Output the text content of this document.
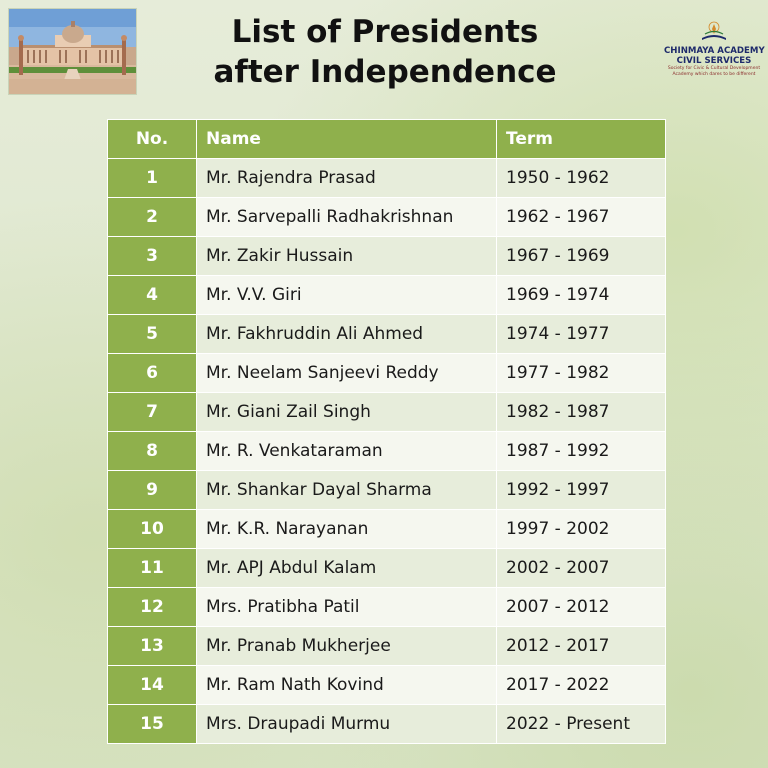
List of Presidents
after Independence
CHINMAYA ACADEMY
CIVIL SERVICES
Society for Civic & Cultural Development
Academy which dares to be different
No.	Name	Term
1	Mr. Rajendra Prasad	1950 - 1962
2	Mr. Sarvepalli Radhakrishnan	1962 - 1967
3	Mr. Zakir Hussain	1967 - 1969
4	Mr. V.V. Giri	1969 - 1974
5	Mr. Fakhruddin Ali Ahmed	1974 - 1977
6	Mr. Neelam Sanjeevi Reddy	1977 - 1982
7	Mr. Giani Zail Singh	1982 - 1987
8	Mr. R. Venkataraman	1987 - 1992
9	Mr. Shankar Dayal Sharma	1992 - 1997
10	Mr. K.R. Narayanan	1997 - 2002
11	Mr. APJ Abdul Kalam	2002 - 2007
12	Mrs. Pratibha Patil	2007 - 2012
13	Mr. Pranab Mukherjee	2012 - 2017
14	Mr. Ram Nath Kovind	2017 - 2022
15	Mrs. Draupadi Murmu	2022 - Present
